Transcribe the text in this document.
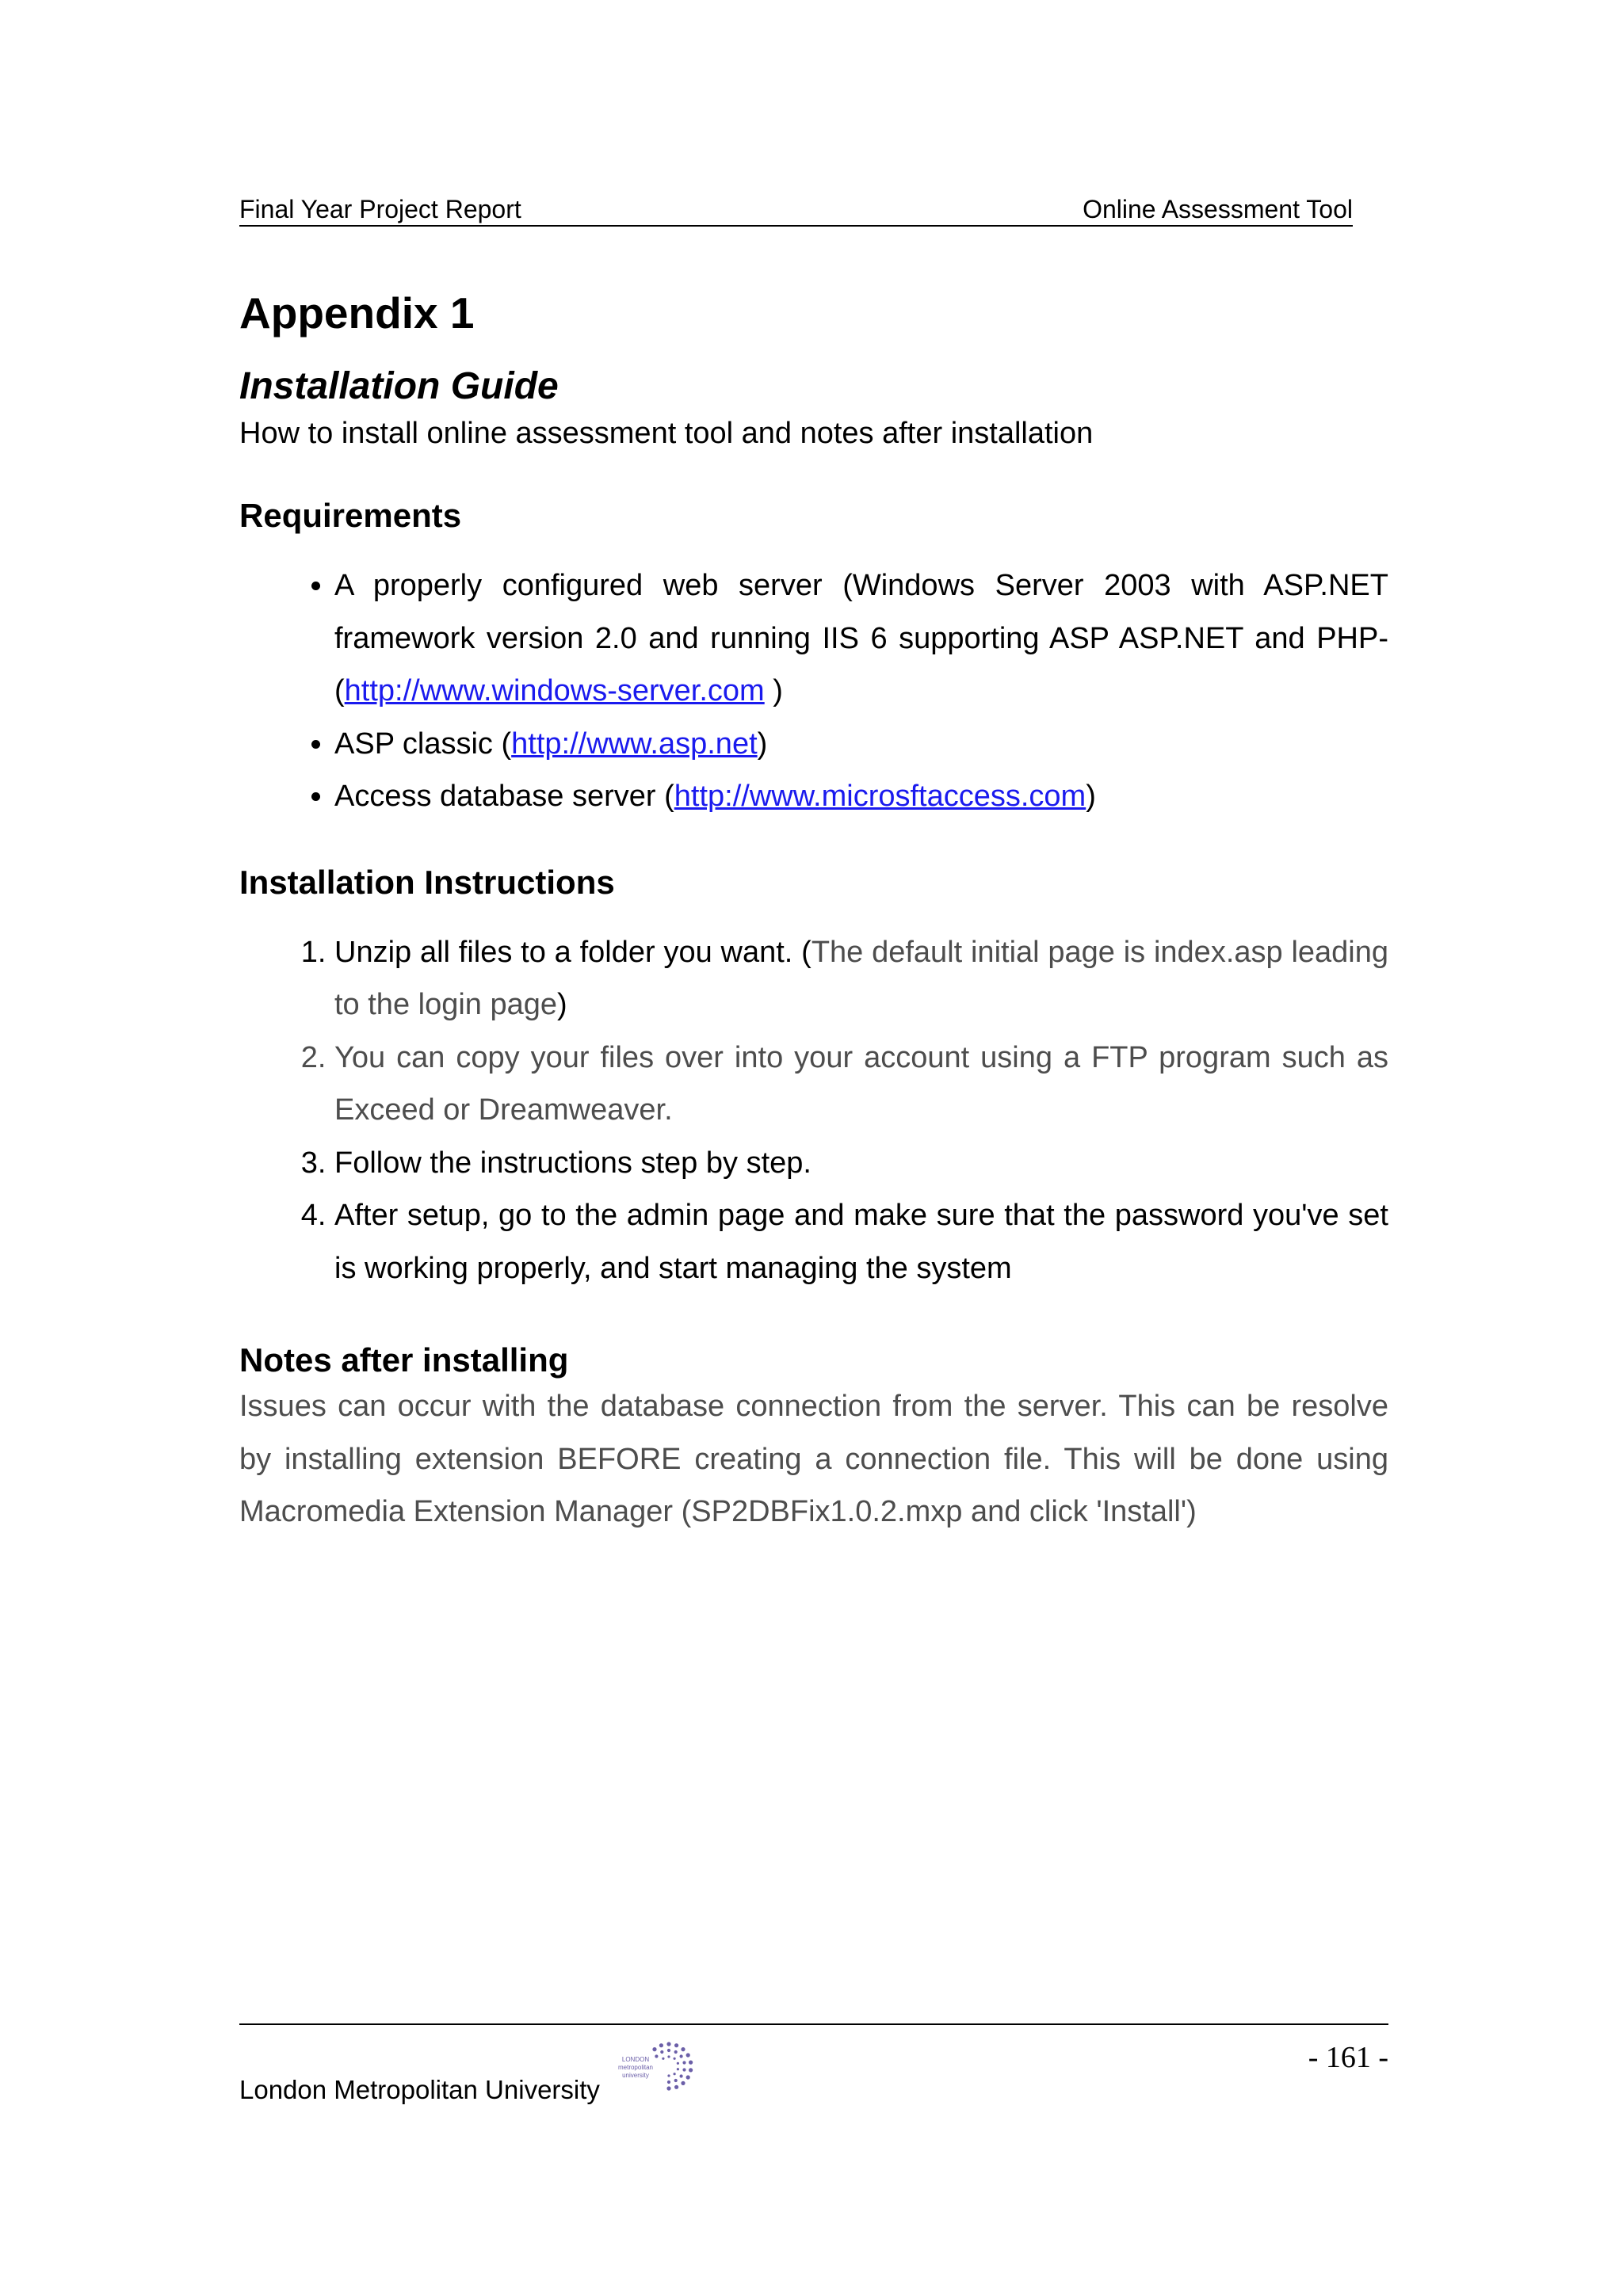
Final Year Project Report	Online Assessment Tool
Appendix 1
Installation Guide

How to install online assessment tool and notes after installation

Requirements
• A properly configured web server (Windows Server 2003 with ASP.NET framework version 2.0 and running IIS 6 supporting ASP ASP.NET and PHP- (http://www.windows-server.com )
• ASP classic (http://www.asp.net)
• Access database server (http://www.microsftaccess.com)
Installation Instructions
1. Unzip all files to a folder you want. (The default initial page is index.asp leading to the login page)
2. You can copy your files over into your account using a FTP program such as Exceed or Dreamweaver.
3. Follow the instructions step by step.
4. After setup, go to the admin page and make sure that the password you've set is working properly, and start managing the system
Notes after installing

Issues can occur with the database connection from the server. This can be resolve by installing extension BEFORE creating a connection file. This will be done using Macromedia Extension Manager (SP2DBFix1.0.2.mxp and click 'Install')

- 161 -
London Metropolitan University
LONDON
metropolitan
university
